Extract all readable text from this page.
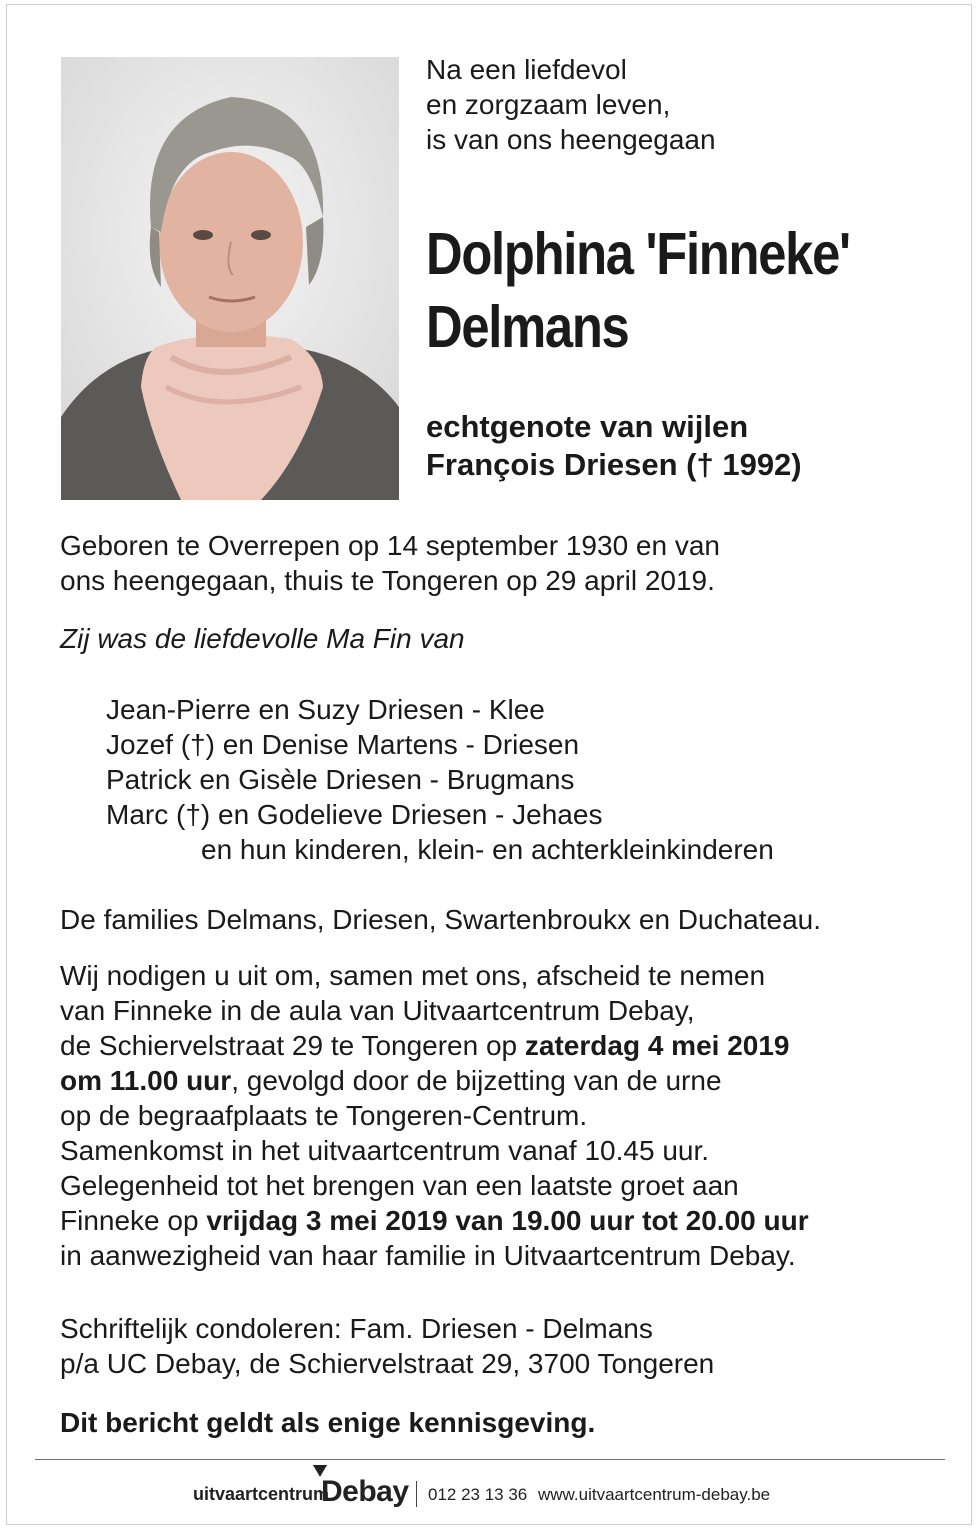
Na een liefdevol
en zorgzaam leven,
is van ons heengegaan
Dolphina 'Finneke'
Delmans
echtgenote van wijlen
François Driesen († 1992)
Geboren te Overrepen op 14 september 1930 en van
ons heengegaan, thuis te Tongeren op 29 april 2019.
Zij was de liefdevolle Ma Fin van
Jean-Pierre en Suzy Driesen - Klee
Jozef (†) en Denise Martens - Driesen
Patrick en Gisèle Driesen - Brugmans
Marc (†) en Godelieve Driesen - Jehaes
en hun kinderen, klein- en achterkleinkinderen
De families Delmans, Driesen, Swartenbroukx en Duchateau.
Wij nodigen u uit om, samen met ons, afscheid te nemen
van Finneke in de aula van Uitvaartcentrum Debay,
de Schiervelstraat 29 te Tongeren op zaterdag 4 mei 2019
om 11.00 uur, gevolgd door de bijzetting van de urne
op de begraafplaats te Tongeren-Centrum.
Samenkomst in het uitvaartcentrum vanaf 10.45 uur.
Gelegenheid tot het brengen van een laatste groet aan
Finneke op vrijdag 3 mei 2019 van 19.00 uur tot 20.00 uur
in aanwezigheid van haar familie in Uitvaartcentrum Debay.
Schriftelijk condoleren: Fam. Driesen - Delmans
p/a UC Debay, de Schiervelstraat 29, 3700 Tongeren
Dit bericht geldt als enige kennisgeving.
uitvaartcentrum
Debay 012 23 13 36 www.uitvaartcentrum-debay.be
